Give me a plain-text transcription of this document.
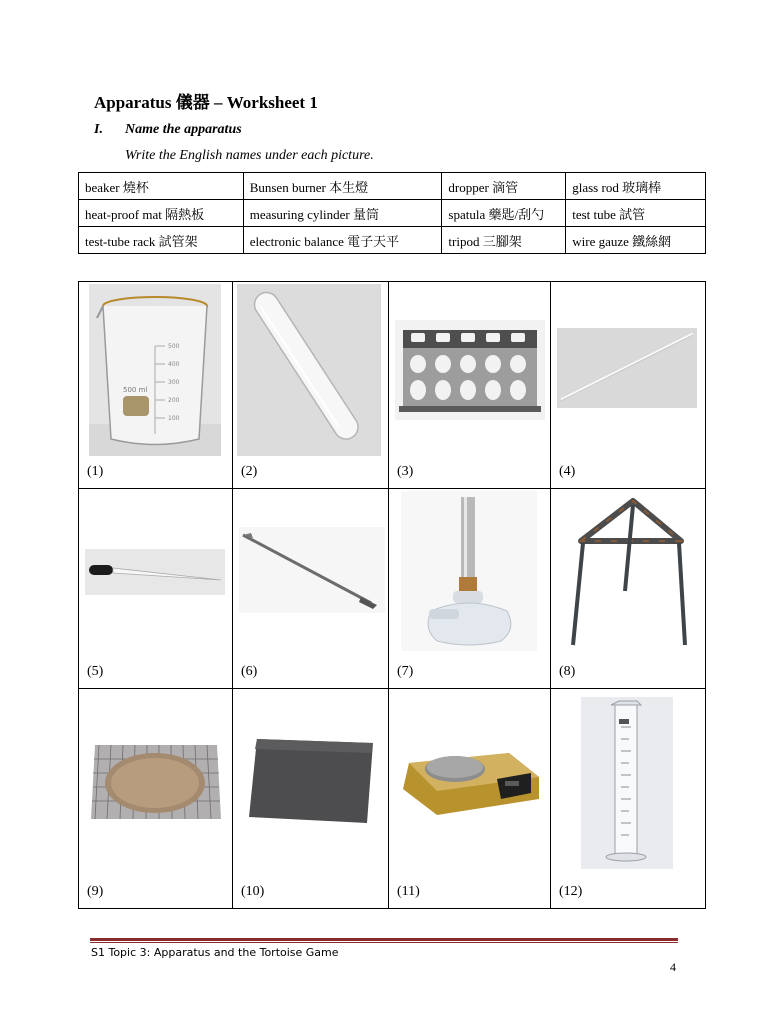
Apparatus 儀器 – Worksheet 1
I. Name the apparatus
Write the English names under each picture.
beaker 燒杯	Bunsen burner 本生燈	dropper 滴管	glass rod 玻璃棒
heat-proof mat 隔熱板	measuring cylinder 量筒	spatula 藥匙/刮勺	test tube 試管
test-tube rack 試管架	electronic balance 電子天平	tripod 三腳架	wire gauze 鐵絲網
500 ml
500
400
300
200
100
(1)	(2)	(3)	(4)
(5)	(6)	(7)	(8)
(9)	(10)	(11)	(12)
S1 Topic 3: Apparatus and the Tortoise Game
4
